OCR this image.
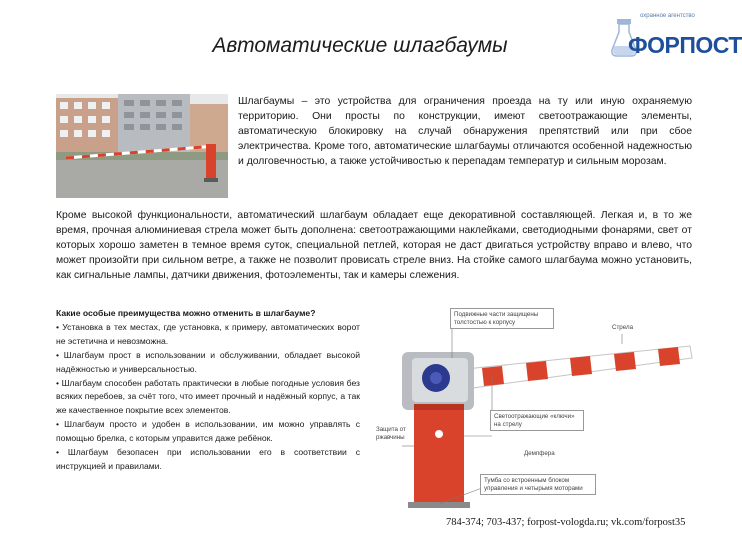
Автоматические шлагбаумы
охранное агентство
ФОРПОСТ

Шлагбаумы – это устройства для ограничения проезда на ту или иную охраняемую территорию. Они просты по конструкции, имеют светоотражающие элементы, автоматическую блокировку на случай обнаружения препятствий или при сбое электричества. Кроме того, автоматические шлагбаумы отличаются особенной надежностью и долговечностью, а также устойчивостью к перепадам температур и сильным морозам.

Кроме высокой функциональности, автоматический шлагбаум обладает еще декоративной составляющей. Легкая и, в то же время, прочная алюминиевая стрела может быть дополнена: светоотражающими наклейками, светодиодными фонарями, свет от которых хорошо заметен в темное время суток, специальной петлей, которая не даст двигаться устройству вправо и влево, что может произойти при сильном ветре, а также не позволит провисать стреле вниз. На стойке самого шлагбаума можно установить, как сигнальные лампы, датчики движения, фотоэлементы, так и камеры слежения.

Какие особые преимущества можно отменить в шлагбауме?
• Установка в тех местах, где установка, к примеру, автоматических ворот не эстетична и невозможна.
• Шлагбаум прост в использовании и обслуживании, обладает высокой надёжностью и универсальностью.
• Шлагбаум способен работать практически в любые погодные условия без всяких перебоев, за счёт того, что имеет прочный и надёжный корпус, а так же качественное покрытие всех элементов.
• Шлагбаум просто и удобен в использовании, им можно управлять с помощью брелка, с которым управится даже ребёнок.
• Шлагбаум безопасен при использовании его в соответствии с инструкцией и правилами.
Подвижные части защищены толстостью к корпусу
Стрела
Защита от ржавчины
Светоотражающие «ключи» на стрелу
Демпфера
Тумба со встроенным блоком управления и четырьмя моторами
784-374; 703-437; forpost-vologda.ru; vk.com/forpost35
